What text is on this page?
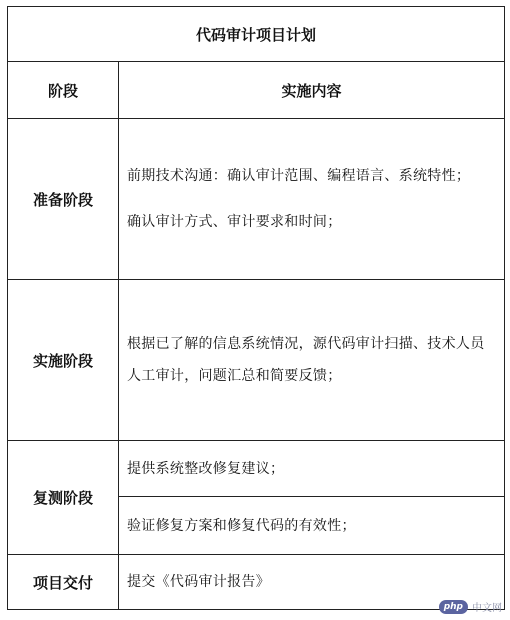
代码审计项目计划	
阶段	实施内容
准备阶段	前期技术沟通：确认审计范围、编程语言、系统特性；

确认审计方式、审计要求和时间；

实施阶段	根据已了解的信息系统情况，源代码审计扫描、技术人员人工审计，问题汇总和简要反馈；

复测阶段	提供系统整改修复建议；
	验证修复方案和修复代码的有效性；
项目交付	提交《代码审计报告》
php 中文网
